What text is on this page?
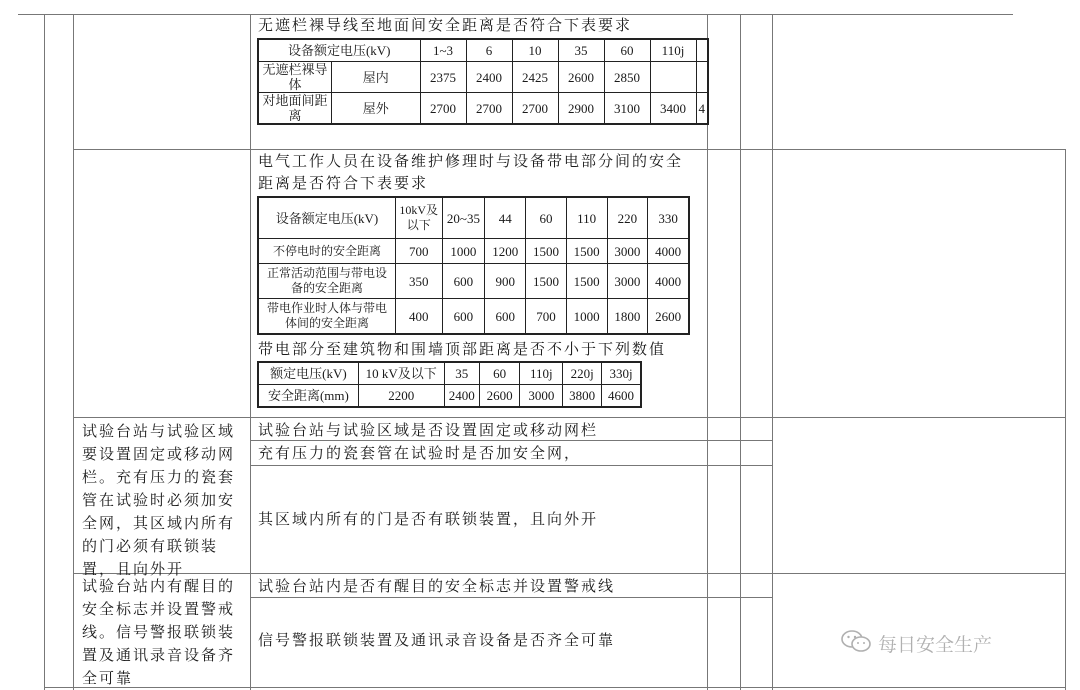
无遮栏裸导线至地面间安全距离是否符合下表要求
设备额定电压(kV)		1~3	6	10	35	60	110j	
无遮栏裸导体	屋内	2375	2400	2425	2600	2850		
对地面间距离	屋外	2700	2700	2700	2900	3100	3400	4
电气工作人员在设备维护修理时与设备带电部分间的安全
距离是否符合下表要求
设备额定电压(kV)	10kV及以下	20~35	44	60	110	220	330
不停电时的安全距离	700	1000	1200	1500	1500	3000	4000
正常活动范围与带电设备的安全距离	350	600	900	1500	1500	3000	4000
带电作业时人体与带电体间的安全距离	400	600	600	700	1000	1800	2600
带电部分至建筑物和围墙顶部距离是否不小于下列数值
额定电压(kV)	10 kV及以下	35	60	110j	220j	330j
安全距离(mm)	2200	2400	2600	3000	3800	4600
试验台站与试验区域要设置固定或移动网栏。充有压力的瓷套管在试验时必须加安全网，其区域内所有的门必须有联锁装置，且向外开
试验台站与试验区域是否设置固定或移动网栏
充有压力的瓷套管在试验时是否加安全网，
其区域内所有的门是否有联锁装置，且向外开
试验台站内有醒目的安全标志并设置警戒线。信号警报联锁装置及通讯录音设备齐全可靠
试验台站内是否有醒目的安全标志并设置警戒线
信号警报联锁装置及通讯录音设备是否齐全可靠	每日安全生产
